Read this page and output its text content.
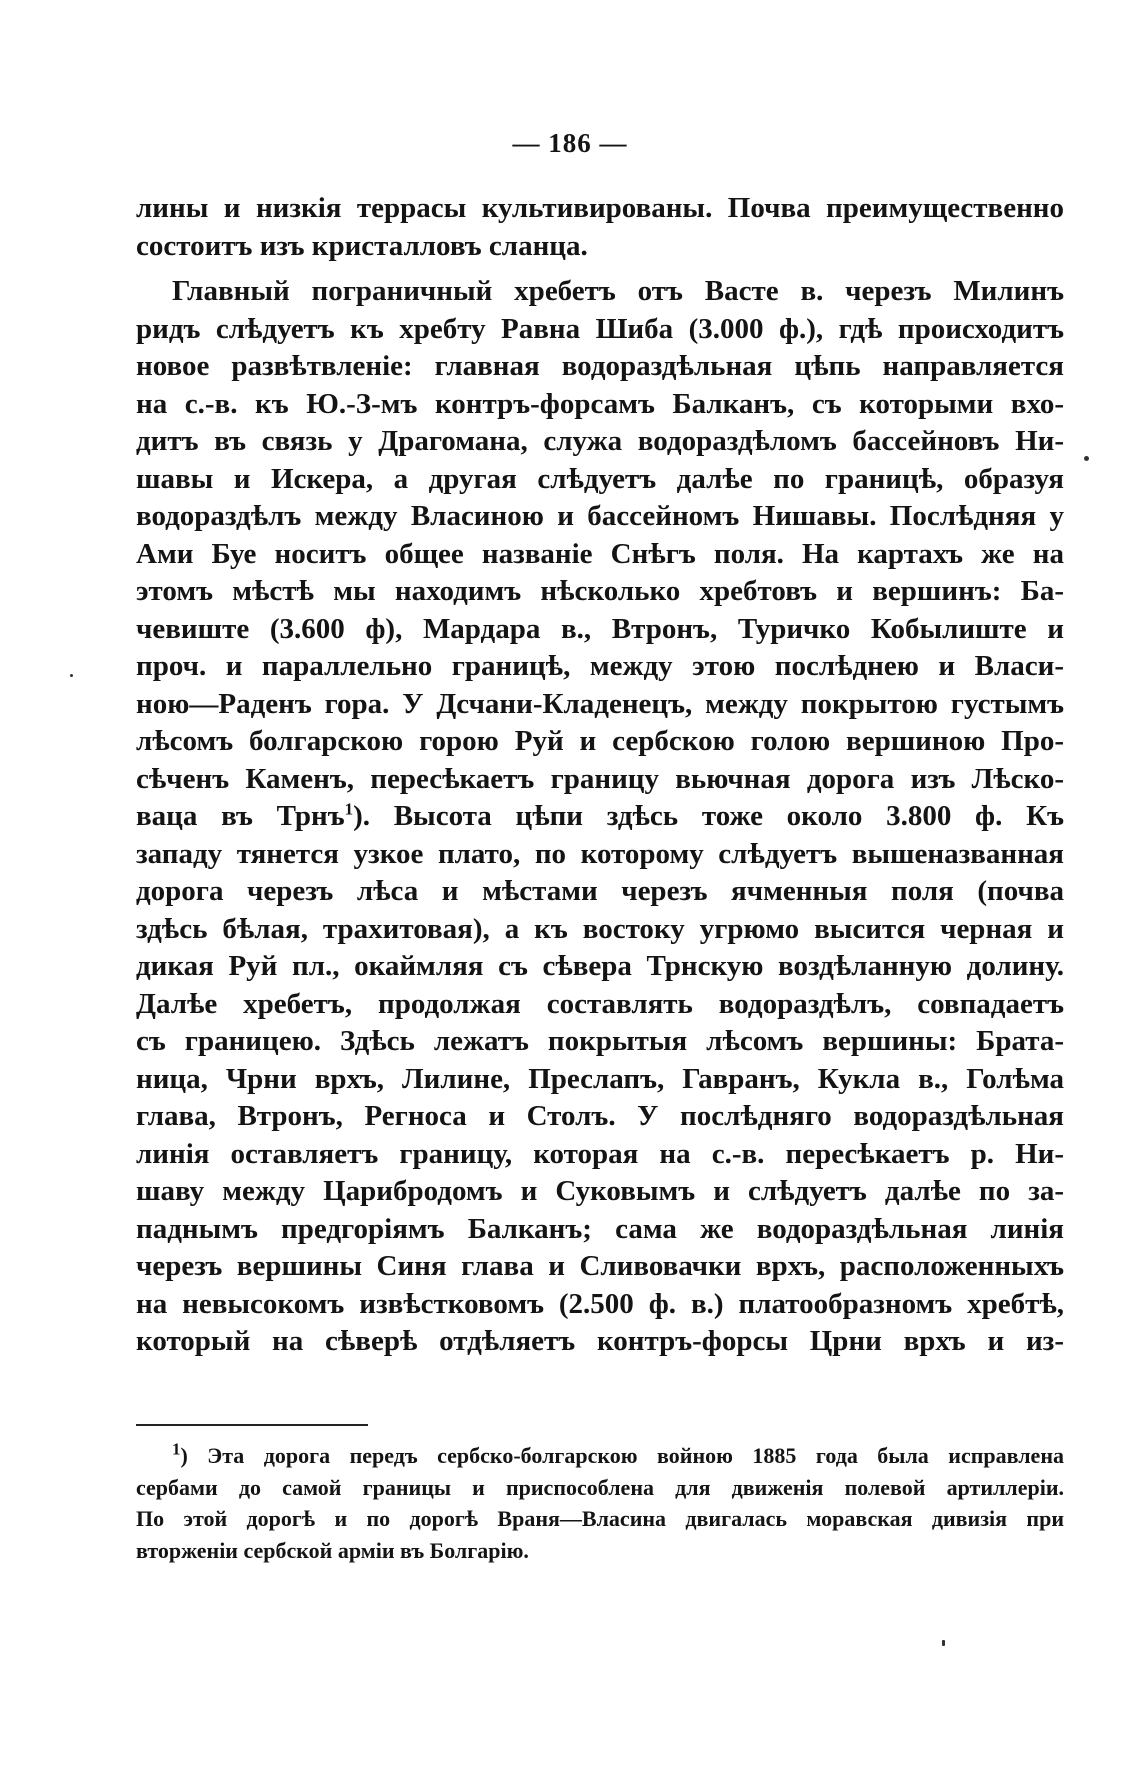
— 186 —
лины и низкія террасы культивированы. Почва преимущественно
состоитъ изъ кристалловъ сланца.
Главный пограничный хребетъ отъ Васте в. черезъ Милинъ
ридъ слѣдуетъ къ хребту Равна Шиба (3.000 ф.), гдѣ происходитъ
новое развѣтвленіе: главная водораздѣльная цѣпь направляется
на с.-в. къ Ю.-З-мъ контръ-форсамъ Балканъ, съ которыми вхо-
дитъ въ связь у Драгомана, служа водораздѣломъ бассейновъ Ни-
шавы и Искера, а другая слѣдуетъ далѣе по границѣ, образуя
водораздѣлъ между Власиною и бассейномъ Нишавы. Послѣдняя у
Ами Буе носитъ общее названіе Снѣгъ поля. На картахъ же на
этомъ мѣстѣ мы находимъ нѣсколько хребтовъ и вершинъ: Ба-
чевиште (3.600 ф), Мардара в., Втронъ, Туричко Кобылиште и
проч. и параллельно границѣ, между этою послѣднею и Власи-
ною—Раденъ гора. У Дсчани-Кладенецъ, между покрытою густымъ
лѣсомъ болгарскою горою Руй и сербскою голою вершиною Про-
сѣченъ Каменъ, пересѣкаетъ границу вьючная дорога изъ Лѣско-
ваца въ Трнъ$^1$). Высота цѣпи здѣсь тоже около 3.800 ф. Къ
западу тянется узкое плато, по которому слѣдуетъ вышеназванная
дорога черезъ лѣса и мѣстами черезъ ячменныя поля (почва
здѣсь бѣлая, трахитовая), а къ востоку угрюмо высится черная и
дикая Руй пл., окаймляя съ сѣвера Трнскую воздѣланную долину.
Далѣе хребетъ, продолжая составлять водораздѣлъ, совпадаетъ
съ границею. Здѣсь лежатъ покрытыя лѣсомъ вершины: Брата-
ница, Чрни врхъ, Лилине, Преслапъ, Гавранъ, Кукла в., Голѣма
глава, Втронъ, Регноса и Столъ. У послѣдняго водораздѣльная
линія оставляетъ границу, которая на с.-в. пересѣкаетъ р. Ни-
шаву между Царибродомъ и Суковымъ и слѣдуетъ далѣе по за-
паднымъ предгоріямъ Балканъ; сама же водораздѣльная линія
черезъ вершины Синя глава и Сливовачки врхъ, расположенныхъ
на невысокомъ извѣстковомъ (2.500 ф. в.) платообразномъ хребтѣ,
который на сѣверѣ отдѣляетъ контръ-форсы Црни врхъ и из-
$^1$) Эта дорога передъ сербско-болгарскою войною 1885 года была исправлена
сербами до самой границы и приспособлена для движенія полевой артиллеріи.
По этой дорогѣ и по дорогѣ Враня—Власина двигалась моравская дивизія при
вторженіи сербской арміи въ Болгарію.
